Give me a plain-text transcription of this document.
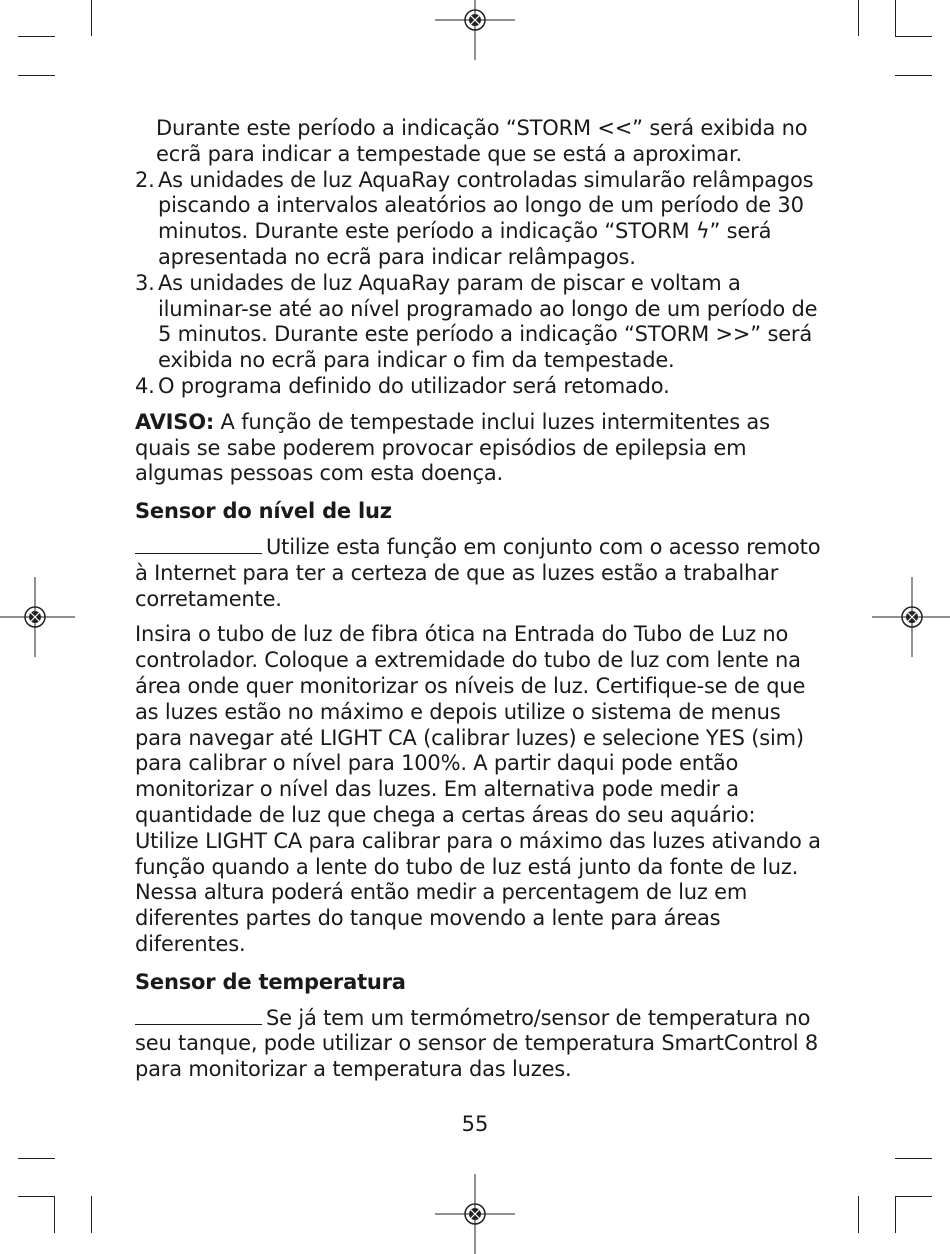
Durante este período a indicação “STORM <<” será exibida no ecrã para indicar a tempestade que se está a aproximar.

2. As unidades de luz AquaRay controladas simularão relâmpagos piscando a intervalos aleatórios ao longo de um período de 30 minutos. Durante este período a indicação “STORM ϟ” será apresentada no ecrã para indicar relâmpagos.
3. As unidades de luz AquaRay param de piscar e voltam a iluminar-se até ao nível programado ao longo de um período de 5 minutos. Durante este período a indicação “STORM >>” será exibida no ecrã para indicar o fim da tempestade.
4. O programa definido do utilizador será retomado.

AVISO: A função de tempestade inclui luzes intermitentes as quais se sabe poderem provocar episódios de epilepsia em algumas pessoas com esta doença.

Sensor do nível de luz

Utilize esta função em conjunto com o acesso remoto à Internet para ter a certeza de que as luzes estão a trabalhar corretamente.

Insira o tubo de luz de fibra ótica na Entrada do Tubo de Luz no controlador. Coloque a extremidade do tubo de luz com lente na área onde quer monitorizar os níveis de luz. Certifique-se de que as luzes estão no máximo e depois utilize o sistema de menus para navegar até LIGHT CA (calibrar luzes) e selecione YES (sim) para calibrar o nível para 100%. A partir daqui pode então monitorizar o nível das luzes. Em alternativa pode medir a quantidade de luz que chega a certas áreas do seu aquário: Utilize LIGHT CA para calibrar para o máximo das luzes ativando a função quando a lente do tubo de luz está junto da fonte de luz. Nessa altura poderá então medir a percentagem de luz em diferentes partes do tanque movendo a lente para áreas diferentes.

Sensor de temperatura

Se já tem um termómetro/sensor de temperatura no seu tanque, pode utilizar o sensor de temperatura SmartControl 8 para monitorizar a temperatura das luzes.

55
